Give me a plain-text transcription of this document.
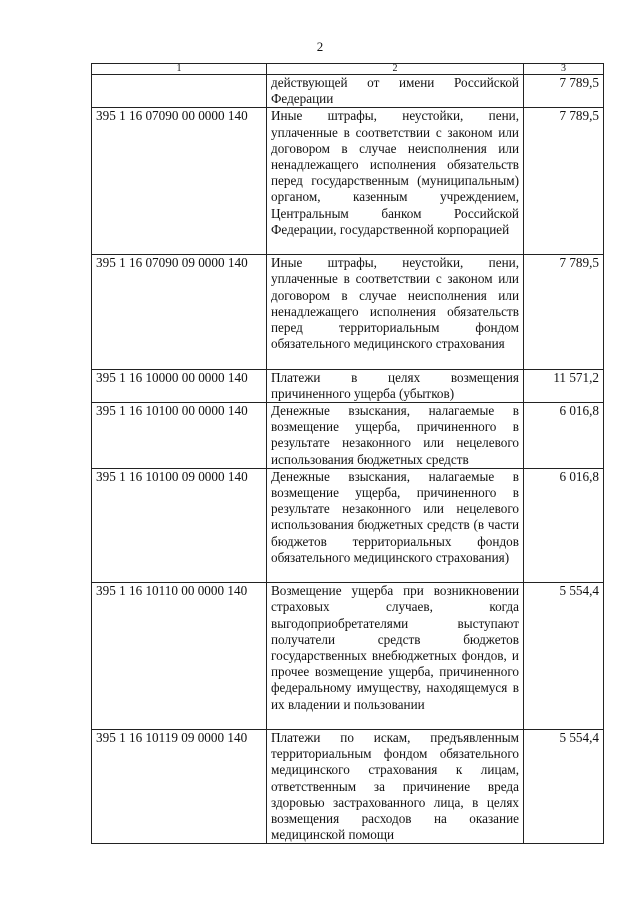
2
1	2	3
	действующей от имени Российской Федерации	7 789,5
395 1 16 07090 00 0000 140	Иные штрафы, неустойки, пени, уплаченные в соответствии с законом или договором в случае неисполнения или ненадлежащего исполнения обязательств перед государственным (муниципальным) органом, казенным учреждением, Центральным банком Российской Федерации, государственной корпорацией	7 789,5
395 1 16 07090 09 0000 140	Иные штрафы, неустойки, пени, уплаченные в соответствии с законом или договором в случае неисполнения или ненадлежащего исполнения обязательств перед территориальным фондом обязательного медицинского страхования	7 789,5
395 1 16 10000 00 0000 140	Платежи в целях возмещения причиненного ущерба (убытков)	11 571,2
395 1 16 10100 00 0000 140	Денежные взыскания, налагаемые в возмещение ущерба, причиненного в результате незаконного или нецелевого использования бюджетных средств	6 016,8
395 1 16 10100 09 0000 140	Денежные взыскания, налагаемые в возмещение ущерба, причиненного в результате незаконного или нецелевого использования бюджетных средств (в части бюджетов территориальных фондов обязательного медицинского страхования)	6 016,8
395 1 16 10110 00 0000 140	Возмещение ущерба при возникновении страховых случаев, когда выгодоприобретателями выступают получатели средств бюджетов государственных внебюджетных фондов, и прочее возмещение ущерба, причиненного федеральному имуществу, находящемуся в их владении и пользовании	5 554,4
395 1 16 10119 09 0000 140	Платежи по искам, предъявленным территориальным фондом обязательного медицинского страхования к лицам, ответственным за причинение вреда здоровью застрахованного лица, в целях возмещения расходов на оказание медицинской помощи	5 554,4
